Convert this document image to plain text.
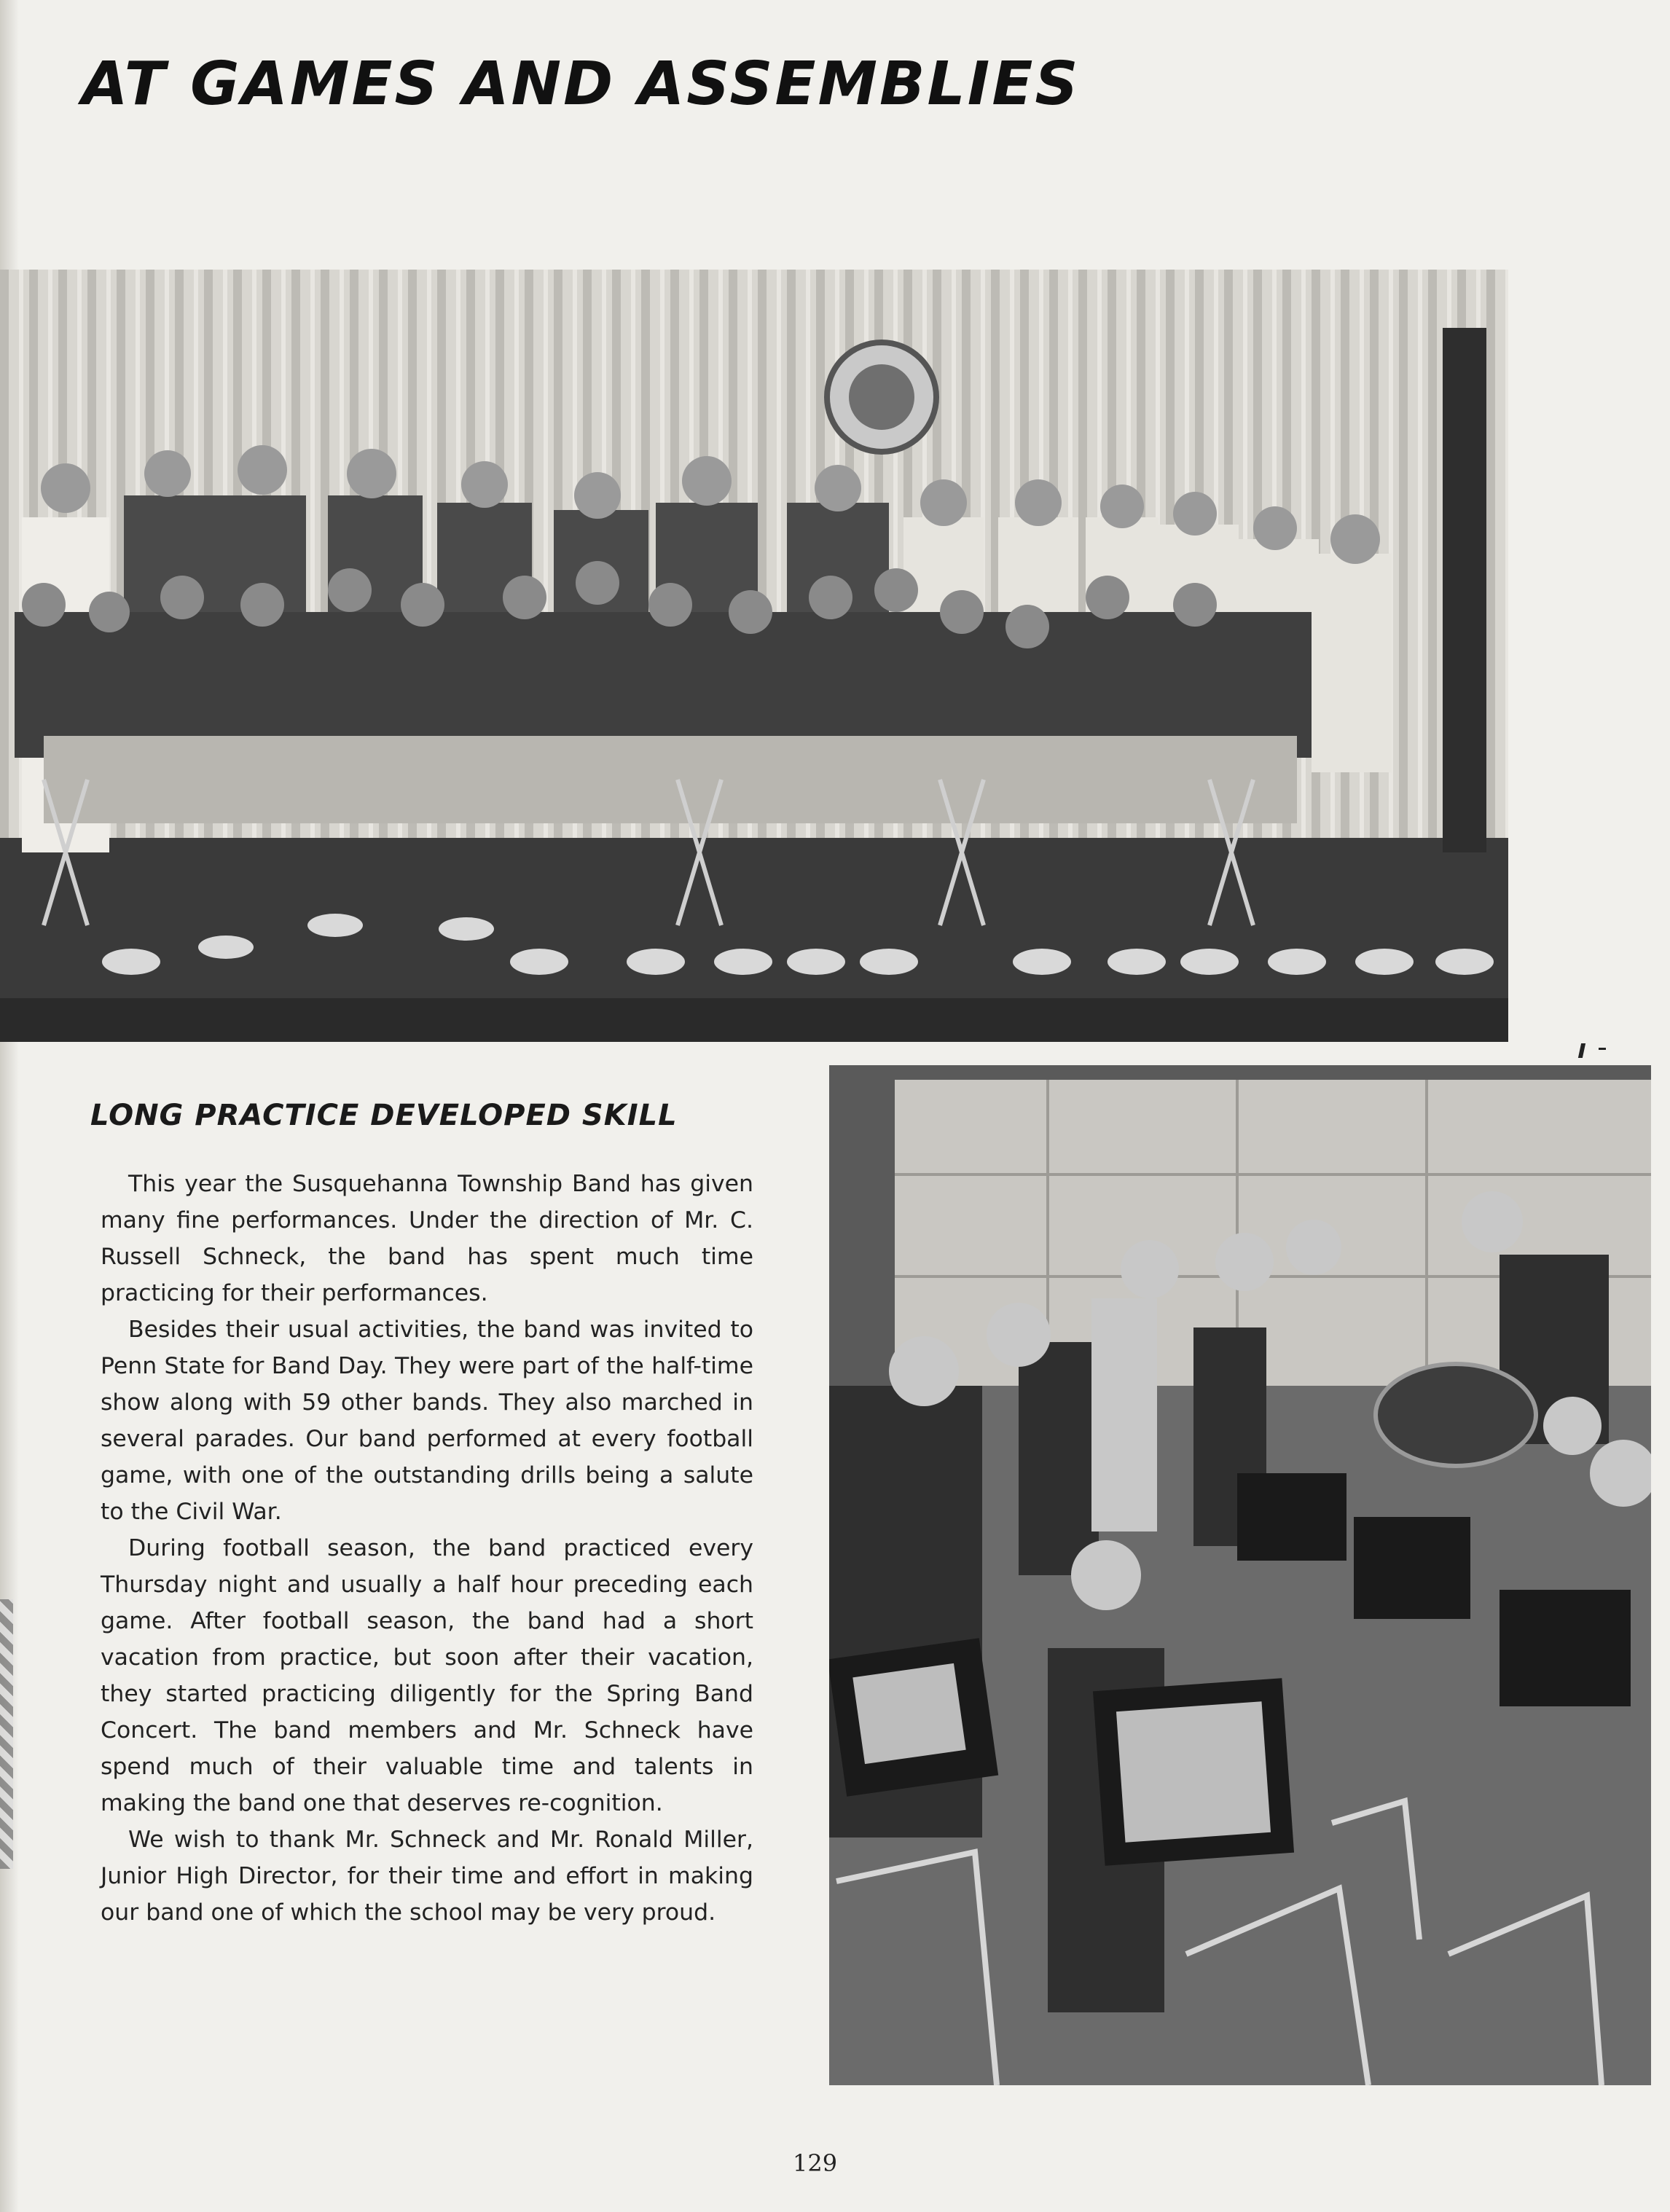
AT GAMES AND ASSEMBLIES
LONG PRACTICE DEVELOPED SKILL

This year the Susquehanna Township Band has given many fine performances. Under the direction of Mr. C. Russell Schneck, the band has spent much time practicing for their performances.

Besides their usual activities, the band was invited to Penn State for Band Day. They were part of the half-time show along with 59 other bands. They also marched in several parades. Our band performed at every football game, with one of the outstanding drills being a salute to the Civil War.

During football season, the band practiced every Thursday night and usually a half hour preceding each game. After football season, the band had a short vacation from practice, but soon after their vacation, they started practicing diligently for the Spring Band Concert. The band members and Mr. Schneck have spend much of their valuable time and talents in making the band one that deserves re-cognition.

We wish to thank Mr. Schneck and Mr. Ronald Miller, Junior High Director, for their time and effort in making our band one of which the school may be very proud.

129
